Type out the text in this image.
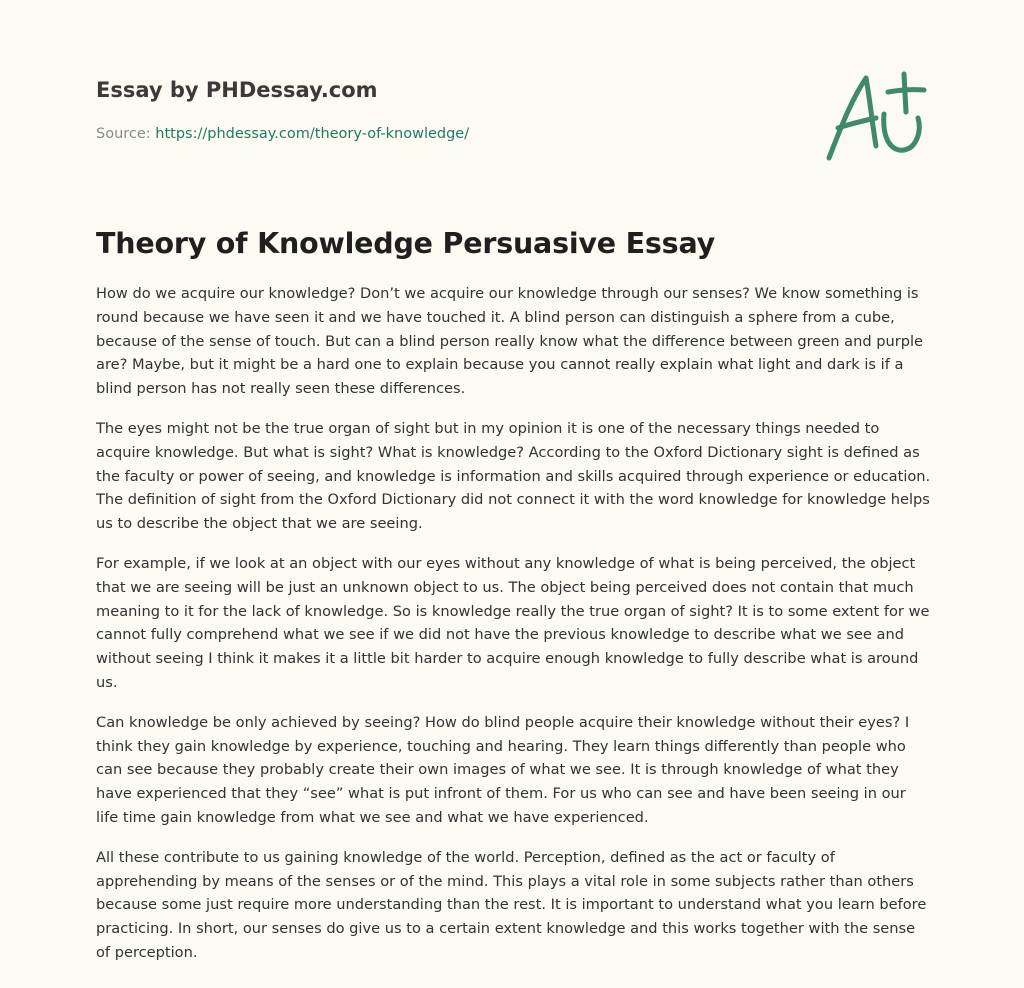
Essay by PHDessay.com
Source: https://phdessay.com/theory-of-knowledge/
Theory of Knowledge Persuasive Essay

How do we acquire our knowledge? Don’t we acquire our knowledge through our senses? We know something is round because we have seen it and we have touched it. A blind person can distinguish a sphere from a cube, because of the sense of touch. But can a blind person really know what the difference between green and purple are? Maybe, but it might be a hard one to explain because you cannot really explain what light and dark is if a blind person has not really seen these differences.

The eyes might not be the true organ of sight but in my opinion it is one of the necessary things needed to acquire knowledge. But what is sight? What is knowledge? According to the Oxford Dictionary sight is defined as the faculty or power of seeing, and knowledge is information and skills acquired through experience or education. The definition of sight from the Oxford Dictionary did not connect it with the word knowledge for knowledge helps us to describe the object that we are seeing.

For example, if we look at an object with our eyes without any knowledge of what is being perceived, the object that we are seeing will be just an unknown object to us. The object being perceived does not contain that much meaning to it for the lack of knowledge. So is knowledge really the true organ of sight? It is to some extent for we cannot fully comprehend what we see if we did not have the previous knowledge to describe what we see and without seeing I think it makes it a little bit harder to acquire enough knowledge to fully describe what is around us.

Can knowledge be only achieved by seeing? How do blind people acquire their knowledge without their eyes? I think they gain knowledge by experience, touching and hearing. They learn things differently than people who can see because they probably create their own images of what we see. It is through knowledge of what they have experienced that they “see” what is put infront of them. For us who can see and have been seeing in our life time gain knowledge from what we see and what we have experienced.

All these contribute to us gaining knowledge of the world. Perception, defined as the act or faculty of apprehending by means of the senses or of the mind. This plays a vital role in some subjects rather than others because some just require more understanding than the rest. It is important to understand what you learn before practicing. In short, our senses do give us to a certain extent knowledge and this works together with the sense of perception.
